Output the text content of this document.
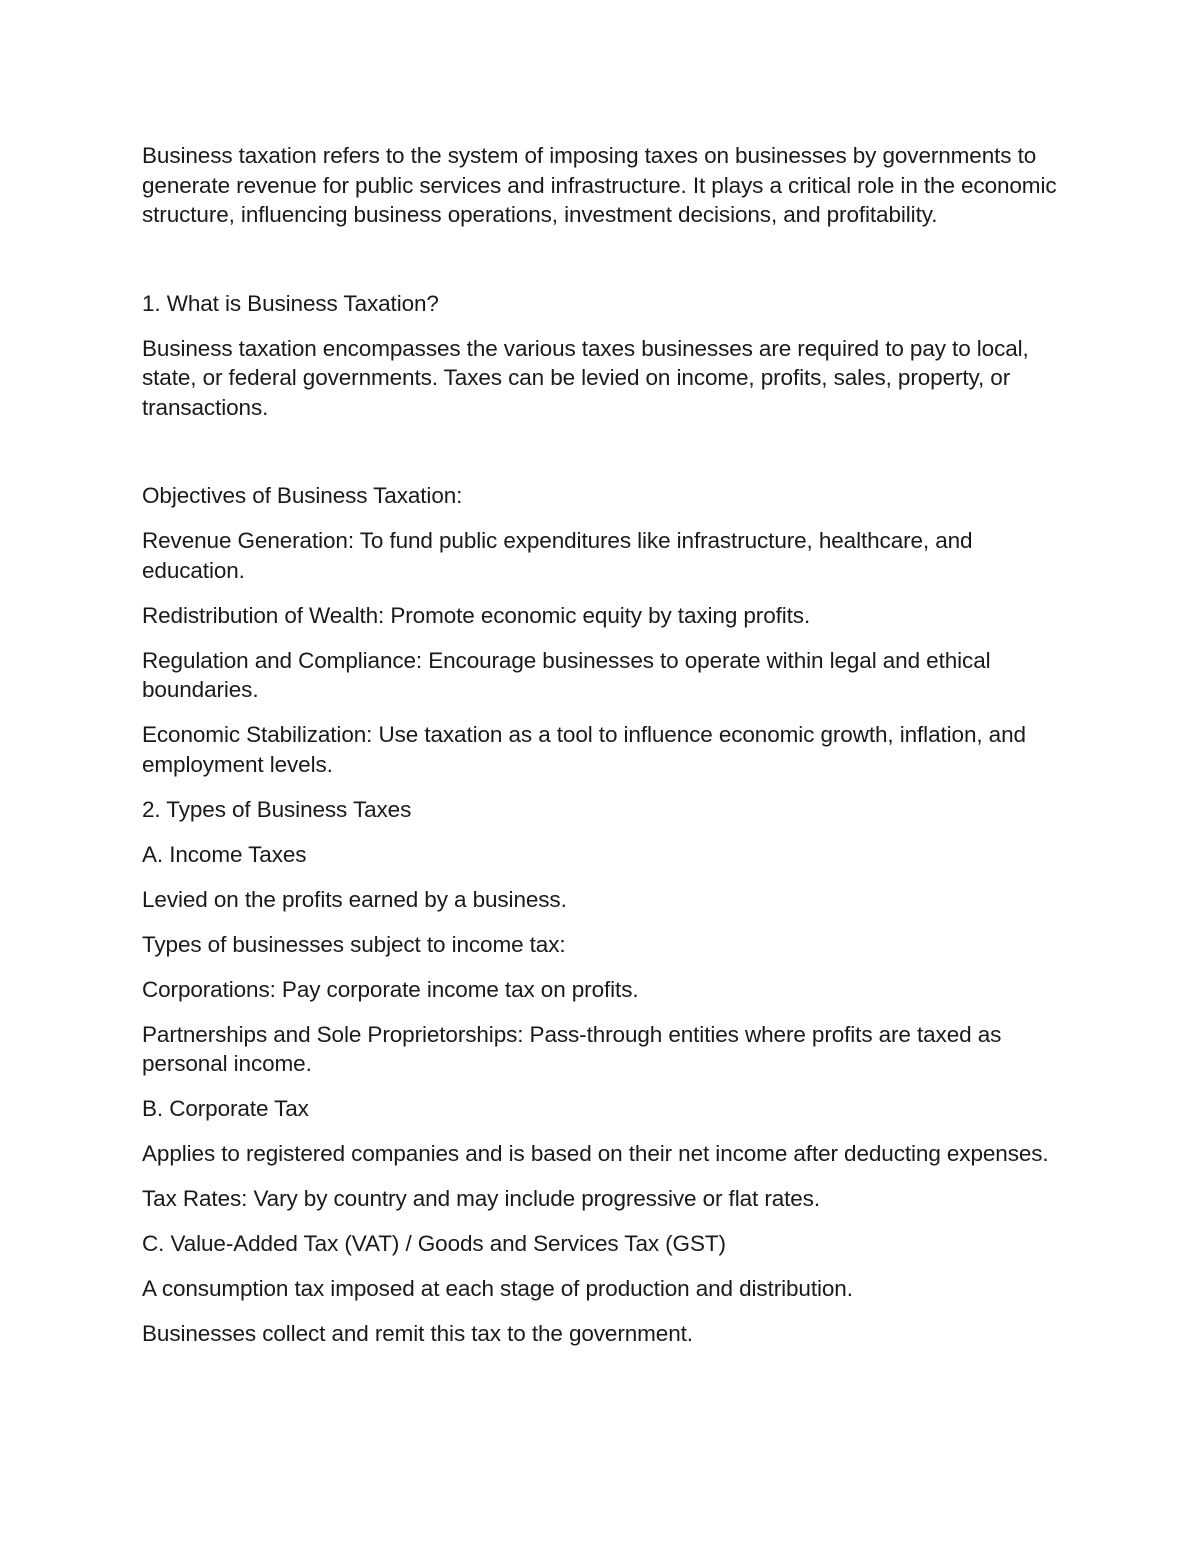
Business taxation refers to the system of imposing taxes on businesses by governments to generate revenue for public services and infrastructure. It plays a critical role in the economic structure, influencing business operations, investment decisions, and profitability.

1. What is Business Taxation?

Business taxation encompasses the various taxes businesses are required to pay to local, state, or federal governments. Taxes can be levied on income, profits, sales, property, or transactions.

Objectives of Business Taxation:

Revenue Generation: To fund public expenditures like infrastructure, healthcare, and education.

Redistribution of Wealth: Promote economic equity by taxing profits.

Regulation and Compliance: Encourage businesses to operate within legal and ethical boundaries.

Economic Stabilization: Use taxation as a tool to influence economic growth, inflation, and employment levels.

2. Types of Business Taxes

A. Income Taxes

Levied on the profits earned by a business.

Types of businesses subject to income tax:

Corporations: Pay corporate income tax on profits.

Partnerships and Sole Proprietorships: Pass-through entities where profits are taxed as personal income.

B. Corporate Tax

Applies to registered companies and is based on their net income after deducting expenses.

Tax Rates: Vary by country and may include progressive or flat rates.

C. Value-Added Tax (VAT) / Goods and Services Tax (GST)

A consumption tax imposed at each stage of production and distribution.

Businesses collect and remit this tax to the government.
